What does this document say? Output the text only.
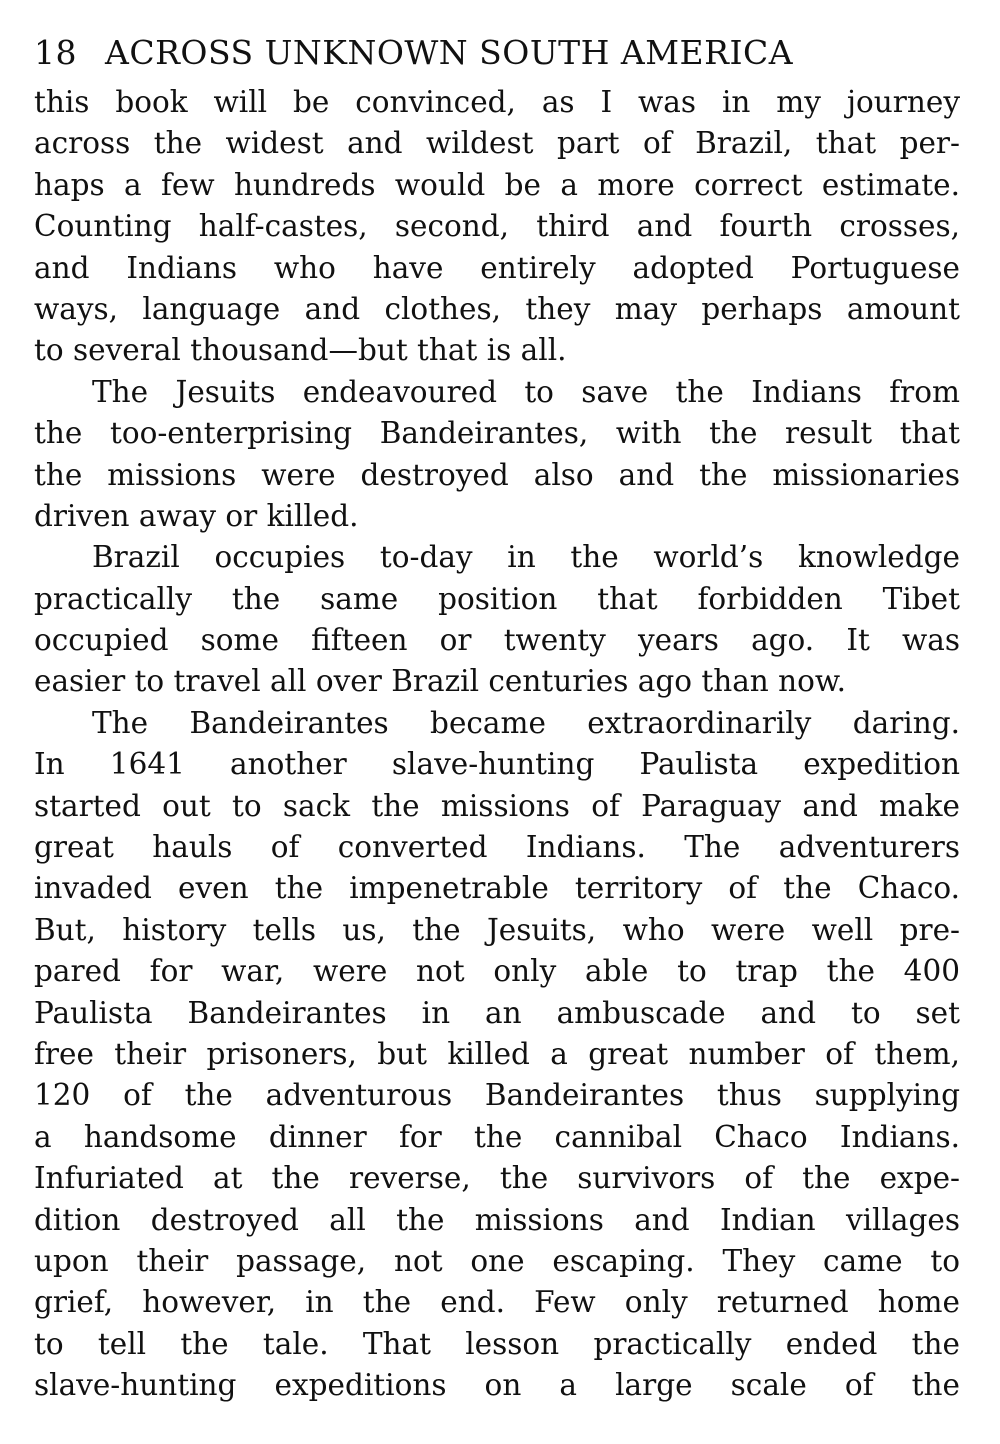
18 ACROSS UNKNOWN SOUTH AMERICA
this book will be convinced, as I was in my journey
across the widest and wildest part of Brazil, that per-
haps a few hundreds would be a more correct estimate.
Counting half-castes, second, third and fourth crosses,
and Indians who have entirely adopted Portuguese
ways, language and clothes, they may perhaps amount
to several thousand—but that is all.
The Jesuits endeavoured to save the Indians from
the too-enterprising Bandeirantes, with the result that
the missions were destroyed also and the missionaries
driven away or killed.
Brazil occupies to-day in the world’s knowledge
practically the same position that forbidden Tibet
occupied some fifteen or twenty years ago. It was
easier to travel all over Brazil centuries ago than now.
The Bandeirantes became extraordinarily daring.
In 1641 another slave-hunting Paulista expedition
started out to sack the missions of Paraguay and make
great hauls of converted Indians. The adventurers
invaded even the impenetrable territory of the Chaco.
But, history tells us, the Jesuits, who were well pre-
pared for war, were not only able to trap the 400
Paulista Bandeirantes in an ambuscade and to set
free their prisoners, but killed a great number of them,
120 of the adventurous Bandeirantes thus supplying
a handsome dinner for the cannibal Chaco Indians.
Infuriated at the reverse, the survivors of the expe-
dition destroyed all the missions and Indian villages
upon their passage, not one escaping. They came to
grief, however, in the end. Few only returned home
to tell the tale. That lesson practically ended the
slave-hunting expeditions on a large scale of the
